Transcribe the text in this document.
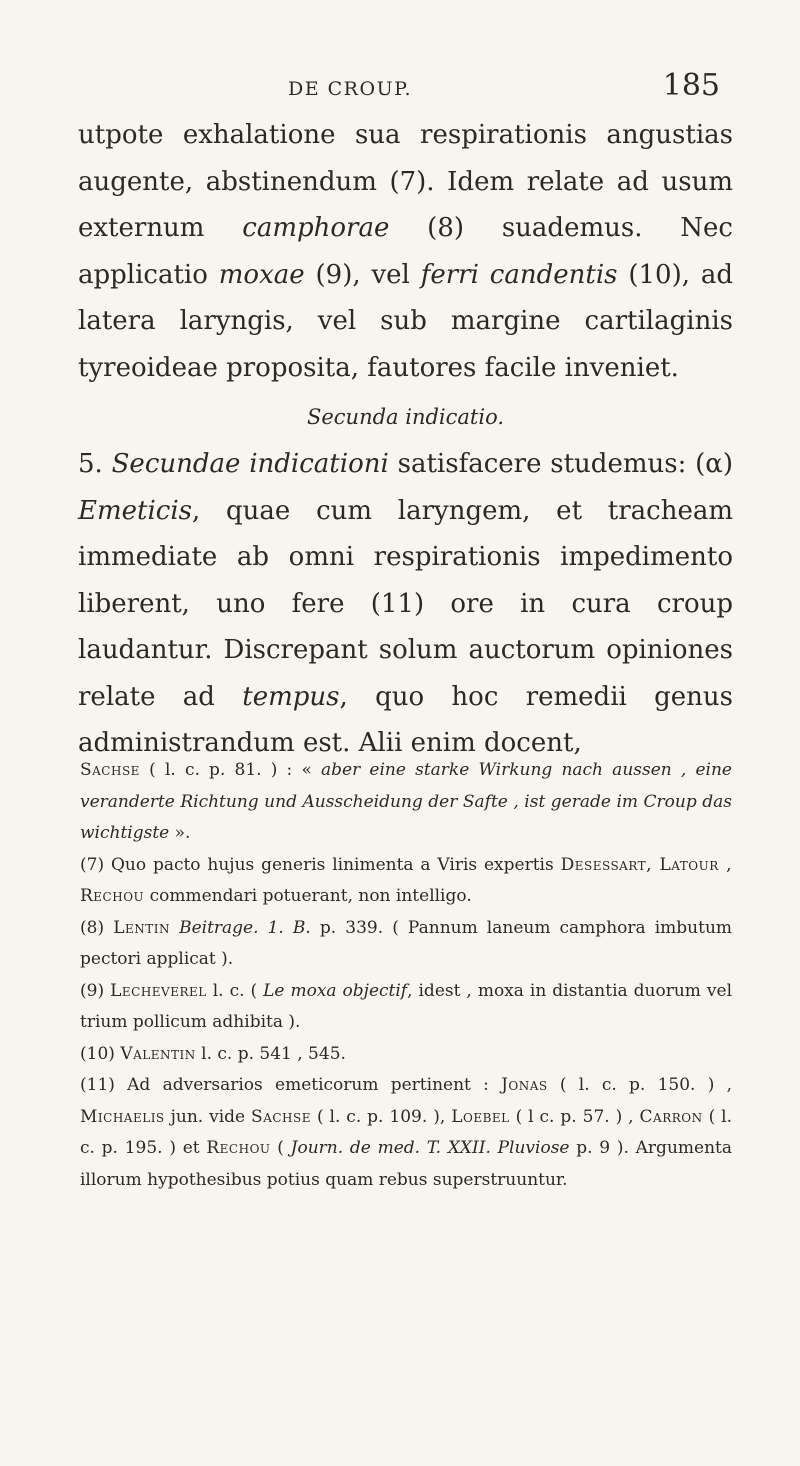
DE CROUP.	185

utpote exhalatione sua respirationis angustias augente, abstinendum (7). Idem relate ad usum externum camphorae (8) suademus. Nec applicatio moxae (9), vel ferri candentis (10), ad latera laryngis, vel sub margine cartilaginis tyreoideae proposita, fautores facile inveniet.

Secunda indicatio.

5. Secundae indicationi satisfacere studemus: (α) Emeticis, quae cum laryngem, et tracheam immediate ab omni respirationis impedimento liberent, uno fere (11) ore in cura croup laudantur. Discrepant solum auctorum opiniones relate ad tempus, quo hoc remedii genus administrandum est. Alii enim docent,

Sachse ( l. c. p. 81. ) : « aber eine starke Wirkung nach aussen , eine veranderte Richtung und Ausscheidung der Safte , ist gerade im Croup das wichtigste ».

(7) Quo pacto hujus generis linimenta a Viris expertis Desessart, Latour , Rechou commendari potuerant, non intelligo.

(8) Lentin Beitrage. 1. B. p. 339. ( Pannum laneum camphora imbutum pectori applicat ).

(9) Lecheverel l. c. ( Le moxa objectif, idest , moxa in distantia duorum vel trium pollicum adhibita ).

(10) Valentin l. c. p. 541 , 545.

(11) Ad adversarios emeticorum pertinent : Jonas ( l. c. p. 150. ) , Michaelis jun. vide Sachse ( l. c. p. 109. ), Loebel ( l c. p. 57. ) , Carron ( l. c. p. 195. ) et Rechou ( Journ. de med. T. XXII. Pluviose p. 9 ). Argumenta illorum hypothesibus potius quam rebus superstruuntur.
